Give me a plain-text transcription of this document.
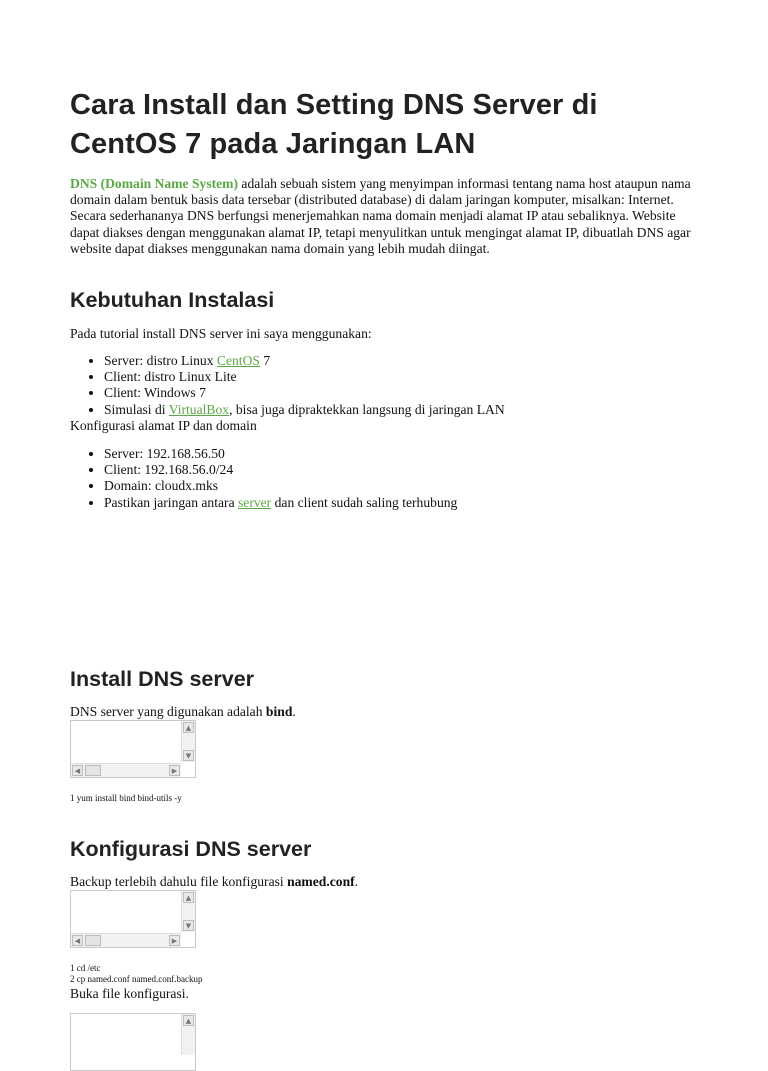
Cara Install dan Setting DNS Server di CentOS 7 pada Jaringan LAN

DNS (Domain Name System) adalah sebuah sistem yang menyimpan informasi tentang nama host ataupun nama domain dalam bentuk basis data tersebar (distributed database) di dalam jaringan komputer, misalkan: Internet. Secara sederhananya DNS berfungsi menerjemahkan nama domain menjadi alamat IP atau sebaliknya. Website dapat diakses dengan menggunakan alamat IP, tetapi menyulitkan untuk mengingat alamat IP, dibuatlah DNS agar website dapat diakses menggunakan nama domain yang lebih mudah diingat.

Kebutuhan Instalasi

Pada tutorial install DNS server ini saya menggunakan:

• Server: distro Linux CentOS 7
• Client: distro Linux Lite
• Client: Windows 7
• Simulasi di VirtualBox, bisa juga dipraktekkan langsung di jaringan LAN

Konfigurasi alamat IP dan domain

• Server: 192.168.56.50
• Client: 192.168.56.0/24
• Domain: cloudx.mks
• Pastikan jaringan antara server dan client sudah saling terhubung
Install DNS server

DNS server yang digunakan adalah bind.

▲
▼
◀	▶
1 yum install bind bind-utils -y
Konfigurasi DNS server

Backup terlebih dahulu file konfigurasi named.conf.

▲
▼
◀	▶
1 cd /etc
2 cp named.conf named.conf.backup

Buka file konfigurasi.

▲
